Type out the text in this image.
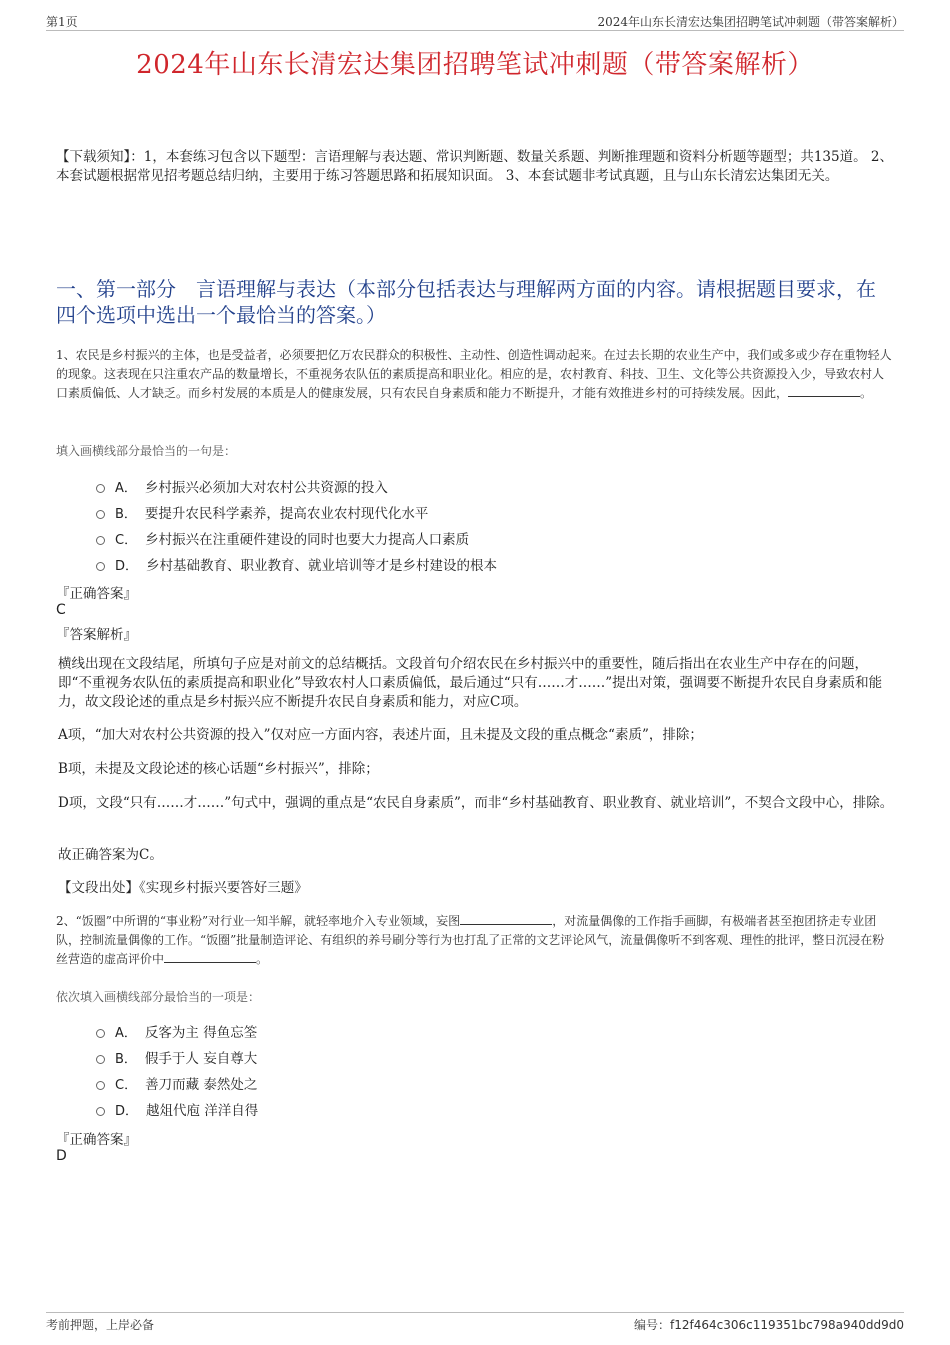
第1页	2024年山东长清宏达集团招聘笔试冲刺题（带答案解析）
2024年山东长清宏达集团招聘笔试冲刺题（带答案解析）
【下载须知】：1，本套练习包含以下题型：言语理解与表达题、常识判断题、数量关系题、判断推理题和资料分析题等题型；共135道。 2、本套试题根据常见招考题总结归纳，主要用于练习答题思路和拓展知识面。 3、本套试题非考试真题，且与山东长清宏达集团无关。
一、第一部分　言语理解与表达（本部分包括表达与理解两方面的内容。请根据题目要求，在四个选项中选出一个最恰当的答案。）
1、农民是乡村振兴的主体，也是受益者，必须要把亿万农民群众的积极性、主动性、创造性调动起来。在过去长期的农业生产中，我们或多或少存在重物轻人的现象。这表现在只注重农产品的数量增长，不重视务农队伍的素质提高和职业化。相应的是，农村教育、科技、卫生、文化等公共资源投入少，导致农村人口素质偏低、人才缺乏。而乡村发展的本质是人的健康发展，只有农民自身素质和能力不断提升，才能有效推进乡村的可持续发展。因此，	。
填入画横线部分最恰当的一句是：
A． 乡村振兴必须加大对农村公共资源的投入
B． 要提升农民科学素养，提高农业农村现代化水平
C． 乡村振兴在注重硬件建设的同时也要大力提高人口素质
D． 乡村基础教育、职业教育、就业培训等才是乡村建设的根本
『正确答案』
C
『答案解析』
横线出现在文段结尾，所填句子应是对前文的总结概括。文段首句介绍农民在乡村振兴中的重要性，随后指出在农业生产中存在的问题，即“不重视务农队伍的素质提高和职业化”导致农村人口素质偏低，最后通过“只有……才……”提出对策，强调要不断提升农民自身素质和能力，故文段论述的重点是乡村振兴应不断提升农民自身素质和能力，对应C项。
A项，“加大对农村公共资源的投入”仅对应一方面内容，表述片面，且未提及文段的重点概念“素质”，排除；
B项，未提及文段论述的核心话题“乡村振兴”，排除；
D项，文段“只有……才……”句式中，强调的重点是“农民自身素质”，而非“乡村基础教育、职业教育、就业培训”，不契合文段中心，排除。
故正确答案为C。
【文段出处】《实现乡村振兴要答好三题》
2、“饭圈”中所谓的“事业粉”对行业一知半解，就轻率地介入专业领域，妄图	，对流量偶像的工作指手画脚，有极端者甚至抱团挤走专业团队，控制流量偶像的工作。“饭圈”批量制造评论、有组织的养号刷分等行为也打乱了正常的文艺评论风气，流量偶像听不到客观、理性的批评，整日沉浸在粉丝营造的虚高评价中	。
依次填入画横线部分最恰当的一项是：
A． 反客为主 得鱼忘筌
B． 假手于人 妄自尊大
C． 善刀而藏 泰然处之
D． 越俎代庖 洋洋自得
『正确答案』
D
考前押题，上岸必备	编号：f12f464c306c119351bc798a940dd9d0
